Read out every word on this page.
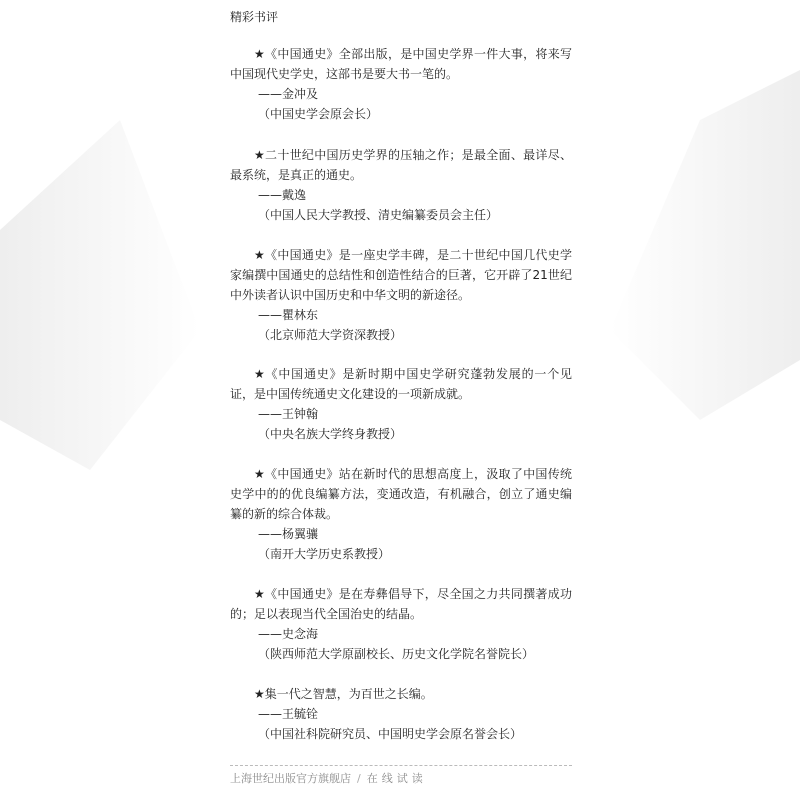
精彩书评

★《中国通史》全部出版，是中国史学界一件大事，将来写中国现代史学史，这部书是要大书一笔的。

——金冲及

（中国史学会原会长）

★二十世纪中国历史学界的压轴之作；是最全面、最详尽、最系统，是真正的通史。

——戴逸

（中国人民大学教授、清史编纂委员会主任）

★《中国通史》是一座史学丰碑，是二十世纪中国几代史学家编撰中国通史的总结性和创造性结合的巨著，它开辟了21世纪中外读者认识中国历史和中华文明的新途径。

——瞿林东

（北京师范大学资深教授）

★《中国通史》是新时期中国史学研究蓬勃发展的一个见证，是中国传统通史文化建设的一项新成就。

——王钟翰

（中央名族大学终身教授）

★《中国通史》站在新时代的思想高度上，汲取了中国传统史学中的的优良编纂方法，变通改造，有机融合，创立了通史编纂的新的综合体裁。

——杨翼骧

（南开大学历史系教授）

★《中国通史》是在寿彝倡导下，尽全国之力共同撰著成功的；足以表现当代全国治史的结晶。

——史念海

（陕西师范大学原副校长、历史文化学院名誉院长）

★集一代之智慧，为百世之长编。

——王毓铨

（中国社科院研究员、中国明史学会原名誉会长）

上海世纪出版官方旗舰店 / 在线试读
